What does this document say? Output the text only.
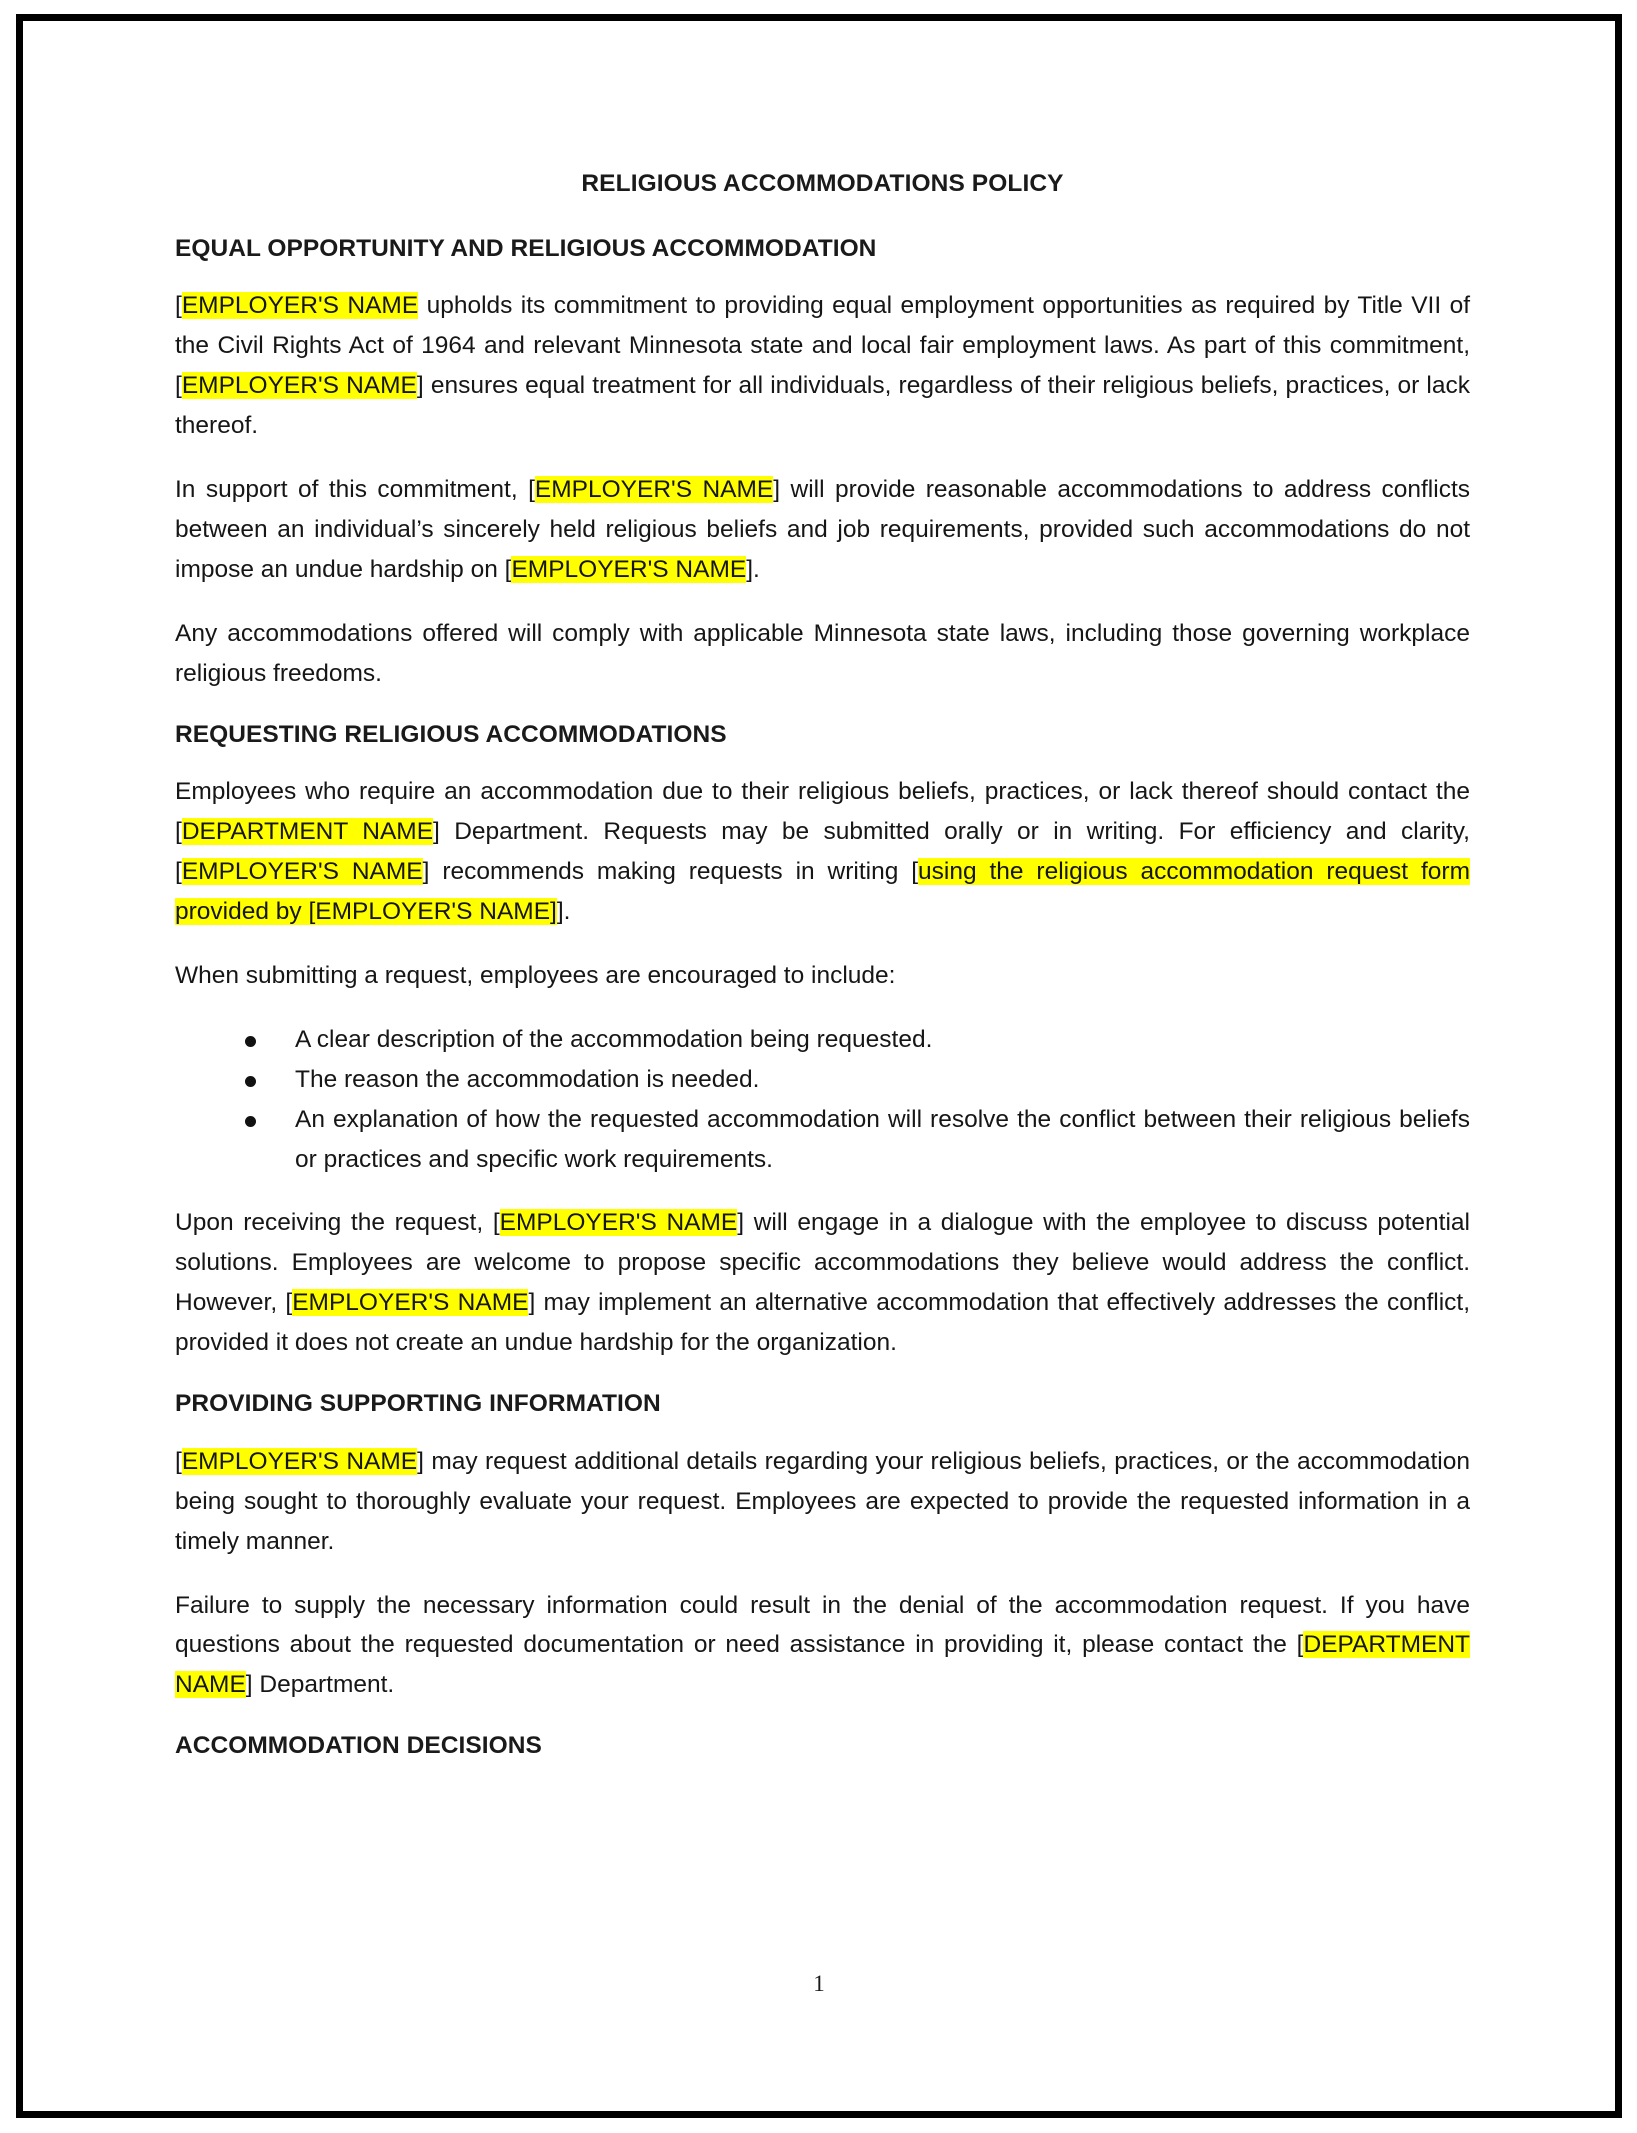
RELIGIOUS ACCOMMODATIONS POLICY
EQUAL OPPORTUNITY AND RELIGIOUS ACCOMMODATION

[EMPLOYER'S NAME upholds its commitment to providing equal employment opportunities as required by Title VII of the Civil Rights Act of 1964 and relevant Minnesota state and local fair employment laws. As part of this commitment, [EMPLOYER'S NAME] ensures equal treatment for all individuals, regardless of their religious beliefs, practices, or lack thereof.

In support of this commitment, [EMPLOYER'S NAME] will provide reasonable accommodations to address conflicts between an individual’s sincerely held religious beliefs and job requirements, provided such accommodations do not impose an undue hardship on [EMPLOYER'S NAME].

Any accommodations offered will comply with applicable Minnesota state laws, including those governing workplace religious freedoms.

REQUESTING RELIGIOUS ACCOMMODATIONS

Employees who require an accommodation due to their religious beliefs, practices, or lack thereof should contact the [DEPARTMENT NAME] Department. Requests may be submitted orally or in writing. For efficiency and clarity, [EMPLOYER'S NAME] recommends making requests in writing [using the religious accommodation request form provided by [EMPLOYER'S NAME]].

When submitting a request, employees are encouraged to include:

A clear description of the accommodation being requested.
The reason the accommodation is needed.
An explanation of how the requested accommodation will resolve the conflict between their religious beliefs or practices and specific work requirements.

Upon receiving the request, [EMPLOYER'S NAME] will engage in a dialogue with the employee to discuss potential solutions. Employees are welcome to propose specific accommodations they believe would address the conflict. However, [EMPLOYER'S NAME] may implement an alternative accommodation that effectively addresses the conflict, provided it does not create an undue hardship for the organization.

PROVIDING SUPPORTING INFORMATION

[EMPLOYER'S NAME] may request additional details regarding your religious beliefs, practices, or the accommodation being sought to thoroughly evaluate your request. Employees are expected to provide the requested information in a timely manner.

Failure to supply the necessary information could result in the denial of the accommodation request. If you have questions about the requested documentation or need assistance in providing it, please contact the [DEPARTMENT NAME] Department.

ACCOMMODATION DECISIONS
1
